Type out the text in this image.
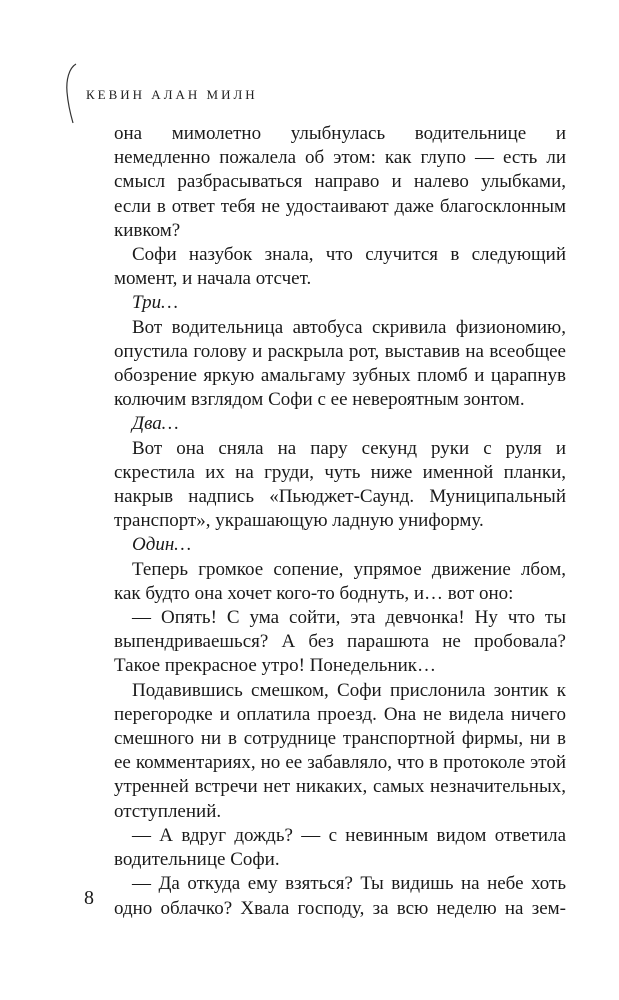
КЕВИН АЛАН МИЛН

она мимолетно улыбнулась водительнице и немедленно пожалела об этом: как глупо — есть ли смысл разбрасываться направо и налево улыбками, если в ответ тебя не удостаивают даже благосклонным кивком?

Софи назубок знала, что случится в следующий момент, и начала отсчет.

Три…

Вот водительница автобуса скривила физиономию, опустила голову и раскрыла рот, выставив на всеобщее обозрение яркую амальгаму зубных пломб и царапнув колючим взглядом Софи с ее невероятным зонтом.

Два…

Вот она сняла на пару секунд руки с руля и скрестила их на груди, чуть ниже именной планки, накрыв надпись «Пьюджет-Саунд. Муниципальный транспорт», украшающую ладную униформу.

Один…

Теперь громкое сопение, упрямое движение лбом, как будто она хочет кого-то боднуть, и… вот оно:

— Опять! С ума сойти, эта девчонка! Ну что ты выпендриваешься? А без парашюта не пробовала? Такое прекрасное утро! Понедельник…

Подавившись смешком, Софи прислонила зонтик к перегородке и оплатила проезд. Она не видела ничего смешного ни в сотруднице транспортной фирмы, ни в ее комментариях, но ее забавляло, что в протоколе этой утренней встречи нет никаких, самых незначительных, отступлений.

— А вдруг дождь? — с невинным видом ответила водительнице Софи.

— Да откуда ему взяться? Ты видишь на небе хоть одно облачко? Хвала господу, за всю неделю на зем-

8
